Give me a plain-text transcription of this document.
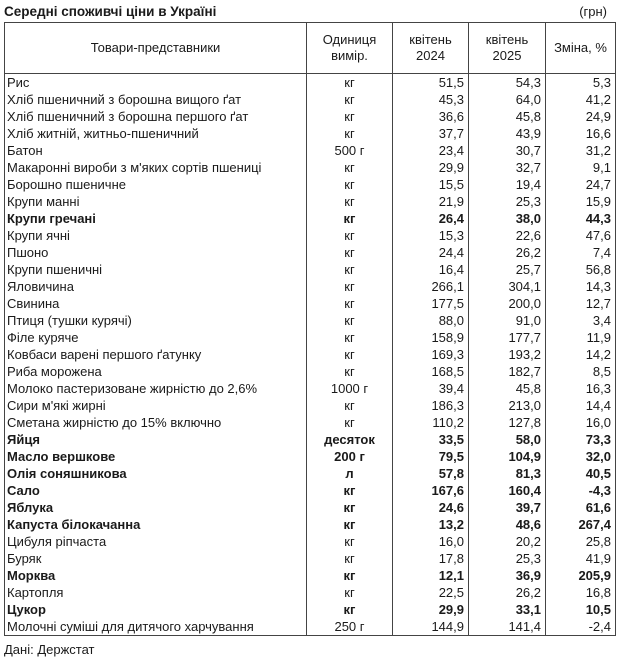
Середні споживчі ціни в Україні	(грн)
Товари-представники	Одиниця виміp.	квітень 2024	квітень 2025	Зміна, %
Рис	кг	51,5	54,3	5,3
Хліб пшеничний з борошна вищого ґат	кг	45,3	64,0	41,2
Хліб пшеничний з борошна першого ґат	кг	36,6	45,8	24,9
Хліб житній, житньо-пшеничний	кг	37,7	43,9	16,6
Батон	500 г	23,4	30,7	31,2
Макаронні вироби з м'яких сортів пшениці	кг	29,9	32,7	9,1
Борошно пшеничне	кг	15,5	19,4	24,7
Крупи манні	кг	21,9	25,3	15,9
Крупи гречані	кг	26,4	38,0	44,3
Крупи ячні	кг	15,3	22,6	47,6
Пшоно	кг	24,4	26,2	7,4
Крупи пшеничні	кг	16,4	25,7	56,8
Яловичина	кг	266,1	304,1	14,3
Свинина	кг	177,5	200,0	12,7
Птиця (тушки курячі)	кг	88,0	91,0	3,4
Філе куряче	кг	158,9	177,7	11,9
Ковбаси варені першого ґатунку	кг	169,3	193,2	14,2
Риба морожена	кг	168,5	182,7	8,5
Молоко пастеризоване жирністю до 2,6%	1000 г	39,4	45,8	16,3
Сири м'які жирні	кг	186,3	213,0	14,4
Сметана жирністю до 15% включно	кг	110,2	127,8	16,0
Яйця	десяток	33,5	58,0	73,3
Масло вершкове	200 г	79,5	104,9	32,0
Олія соняшникова	л	57,8	81,3	40,5
Сало	кг	167,6	160,4	-4,3
Яблука	кг	24,6	39,7	61,6
Капуста білокачанна	кг	13,2	48,6	267,4
Цибуля ріпчаста	кг	16,0	20,2	25,8
Буряк	кг	17,8	25,3	41,9
Морква	кг	12,1	36,9	205,9
Картопля	кг	22,5	26,2	16,8
Цукор	кг	29,9	33,1	10,5
Молочні суміші для дитячого харчування	250 г	144,9	141,4	-2,4
Дані: Держстат
